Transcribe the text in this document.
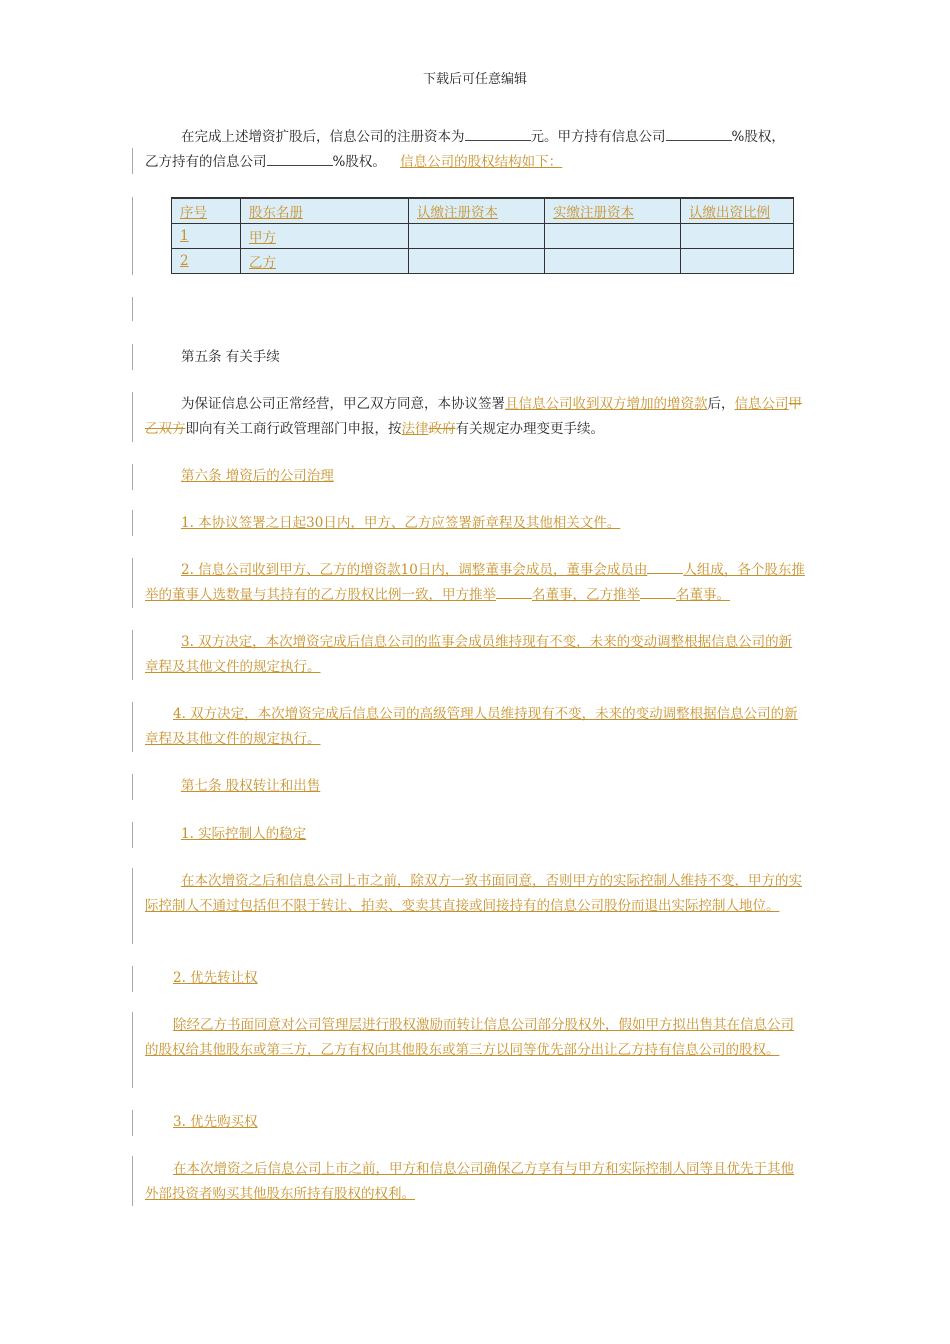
下载后可任意编辑
在完成上述增资扩股后，信息公司的注册资本为	元。甲方持有信息公司	%股权，
乙方持有的信息公司	%股权。 信息公司的股权结构如下：
序号	股东名册	认缴注册资本	实缴注册资本	认缴出资比例
1	甲方			
2	乙方			
第五条 有关手续
为保证信息公司正常经营，甲乙双方同意，本协议签署且信息公司收到双方增加的增资款后，信息公司甲乙双方即向有关工商行政管理部门申报，按法律政府有关规定办理变更手续。
第六条 增资后的公司治理
1. 本协议签署之日起30日内，甲方、乙方应签署新章程及其他相关文件。
2. 信息公司收到甲方、乙方的增资款10日内，调整董事会成员，董事会成员由	人组成，各个股东推举的董事人选数量与其持有的乙方股权比例一致，甲方推举	名董事，乙方推举	名董事。
3. 双方决定，本次增资完成后信息公司的监事会成员维持现有不变，未来的变动调整根据信息公司的新章程及其他文件的规定执行。
4. 双方决定，本次增资完成后信息公司的高级管理人员维持现有不变，未来的变动调整根据信息公司的新章程及其他文件的规定执行。
第七条 股权转让和出售
1. 实际控制人的稳定
在本次增资之后和信息公司上市之前，除双方一致书面同意，否则甲方的实际控制人维持不变，甲方的实际控制人不通过包括但不限于转让、拍卖、变卖其直接或间接持有的信息公司股份而退出实际控制人地位。
2. 优先转让权
除经乙方书面同意对公司管理层进行股权激励而转让信息公司部分股权外，假如甲方拟出售其在信息公司的股权给其他股东或第三方，乙方有权向其他股东或第三方以同等优先部分出让乙方持有信息公司的股权。
3. 优先购买权
在本次增资之后信息公司上市之前，甲方和信息公司确保乙方享有与甲方和实际控制人同等且优先于其他外部投资者购买其他股东所持有股权的权利。
